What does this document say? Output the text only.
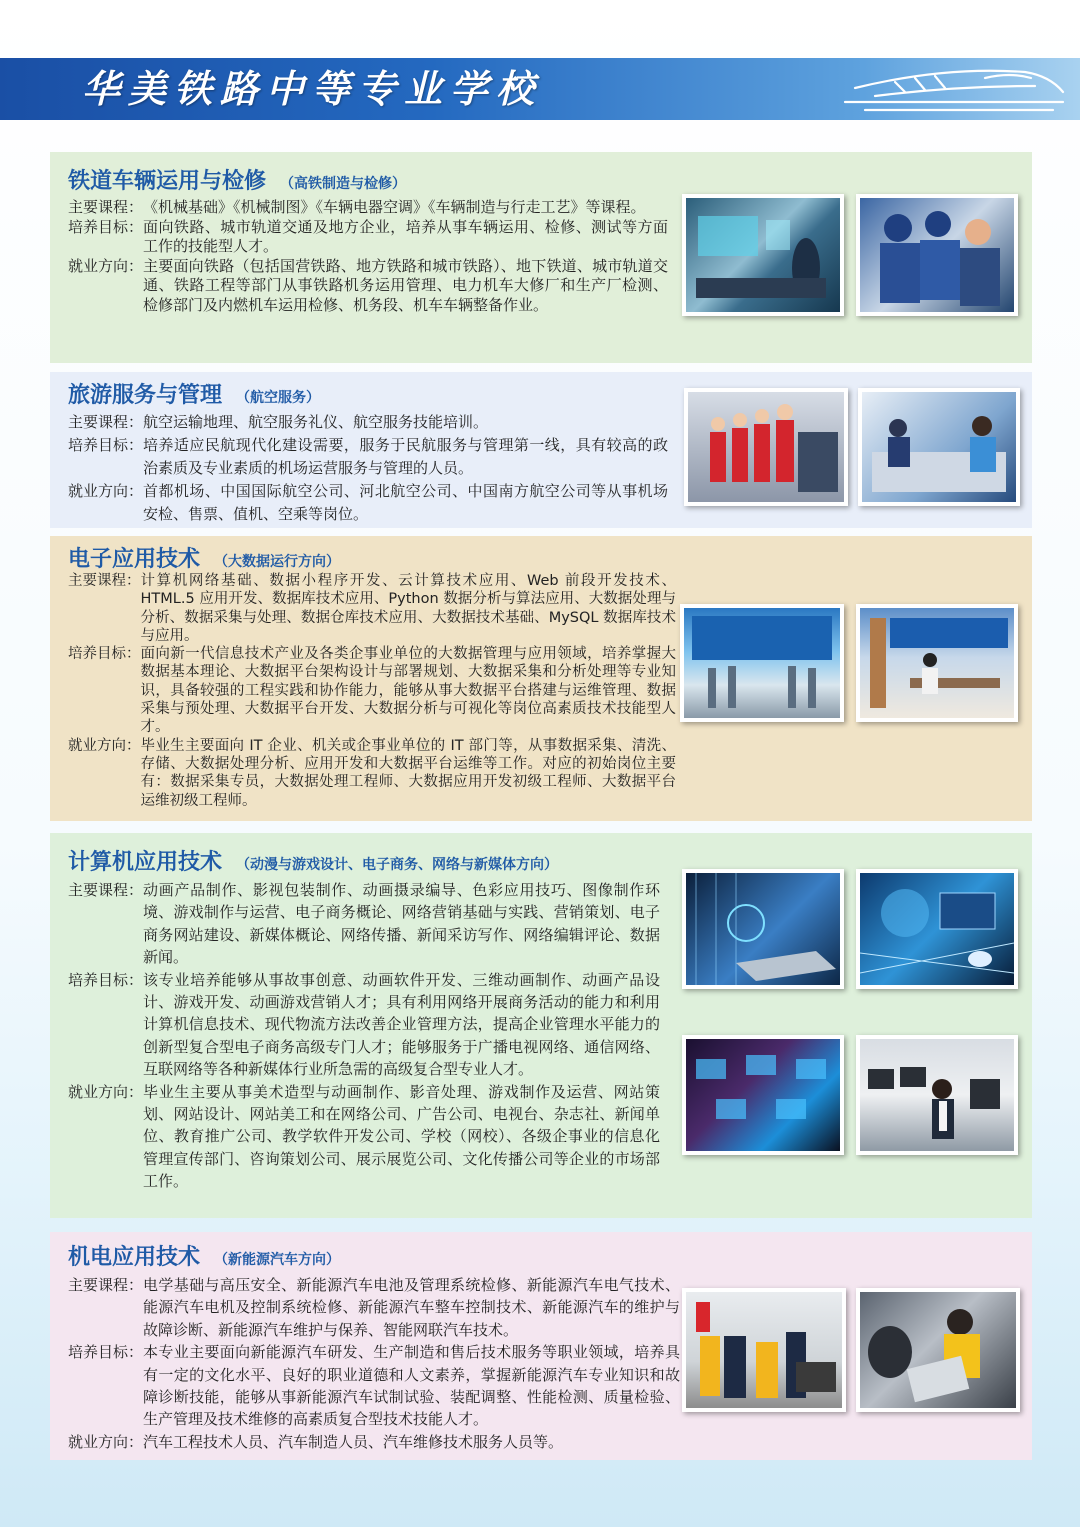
华美铁路中等专业学校
铁道车辆运用与检修 （高铁制造与检修）
主要课程： 《机械基础》《机械制图》《车辆电器空调》《车辆制造与行走工艺》等课程。
培养目标： 面向铁路、城市轨道交通及地方企业，培养从事车辆运用、检修、测试等方面工作的技能型人才。
就业方向： 主要面向铁路（包括国营铁路、地方铁路和城市铁路）、地下铁道、城市轨道交通、铁路工程等部门从事铁路机务运用管理、电力机车大修厂和生产厂检测、检修部门及内燃机车运用检修、机务段、机车车辆整备作业。
旅游服务与管理 （航空服务）
主要课程： 航空运输地理、航空服务礼仪、航空服务技能培训。
培养目标： 培养适应民航现代化建设需要，服务于民航服务与管理第一线，具有较高的政治素质及专业素质的机场运营服务与管理的人员。
就业方向： 首都机场、中国国际航空公司、河北航空公司、中国南方航空公司等从事机场安检、售票、值机、空乘等岗位。
电子应用技术 （大数据运行方向）
主要课程： 计算机网络基础、数据小程序开发、云计算技术应用、Web 前段开发技术、HTML.5 应用开发、数据库技术应用、Python 数据分析与算法应用、大数据处理与分析、数据采集与处理、数据仓库技术应用、大数据技术基础、MySQL 数据库技术与应用。
培养目标： 面向新一代信息技术产业及各类企事业单位的大数据管理与应用领域，培养掌握大数据基本理论、大数据平台架构设计与部署规划、大数据采集和分析处理等专业知识，具备较强的工程实践和协作能力，能够从事大数据平台搭建与运维管理、数据采集与预处理、大数据平台开发、大数据分析与可视化等岗位高素质技术技能型人才。
就业方向： 毕业生主要面向 IT 企业、机关或企事业单位的 IT 部门等，从事数据采集、清洗、存储、大数据处理分析、应用开发和大数据平台运维等工作。对应的初始岗位主要有：数据采集专员，大数据处理工程师、大数据应用开发初级工程师、大数据平台运维初级工程师。
计算机应用技术 （动漫与游戏设计、电子商务、网络与新媒体方向）
主要课程： 动画产品制作、影视包装制作、动画摄录编导、色彩应用技巧、图像制作环境、游戏制作与运营、电子商务概论、网络营销基础与实践、营销策划、电子商务网站建设、新媒体概论、网络传播、新闻采访写作、网络编辑评论、数据新闻。
培养目标： 该专业培养能够从事故事创意、动画软件开发、三维动画制作、动画产品设计、游戏开发、动画游戏营销人才；具有利用网络开展商务活动的能力和利用计算机信息技术、现代物流方法改善企业管理方法，提高企业管理水平能力的创新型复合型电子商务高级专门人才；能够服务于广播电视网络、通信网络、互联网络等各种新媒体行业所急需的高级复合型专业人才。
就业方向： 毕业生主要从事美术造型与动画制作、影音处理、游戏制作及运营、网站策划、网站设计、网站美工和在网络公司、广告公司、电视台、杂志社、新闻单位、教育推广公司、教学软件开发公司、学校（网校）、各级企事业的信息化管理宣传部门、咨询策划公司、展示展览公司、文化传播公司等企业的市场部工作。
机电应用技术 （新能源汽车方向）
主要课程： 电学基础与高压安全、新能源汽车电池及管理系统检修、新能源汽车电气技术、能源汽车电机及控制系统检修、新能源汽车整车控制技术、新能源汽车的维护与故障诊断、新能源汽车维护与保养、智能网联汽车技术。
培养目标： 本专业主要面向新能源汽车研发、生产制造和售后技术服务等职业领域，培养具有一定的文化水平、良好的职业道德和人文素养，掌握新能源汽车专业知识和故障诊断技能，能够从事新能源汽车试制试验、装配调整、性能检测、质量检验、生产管理及技术维修的高素质复合型技术技能人才。
就业方向： 汽车工程技术人员、汽车制造人员、汽车维修技术服务人员等。
